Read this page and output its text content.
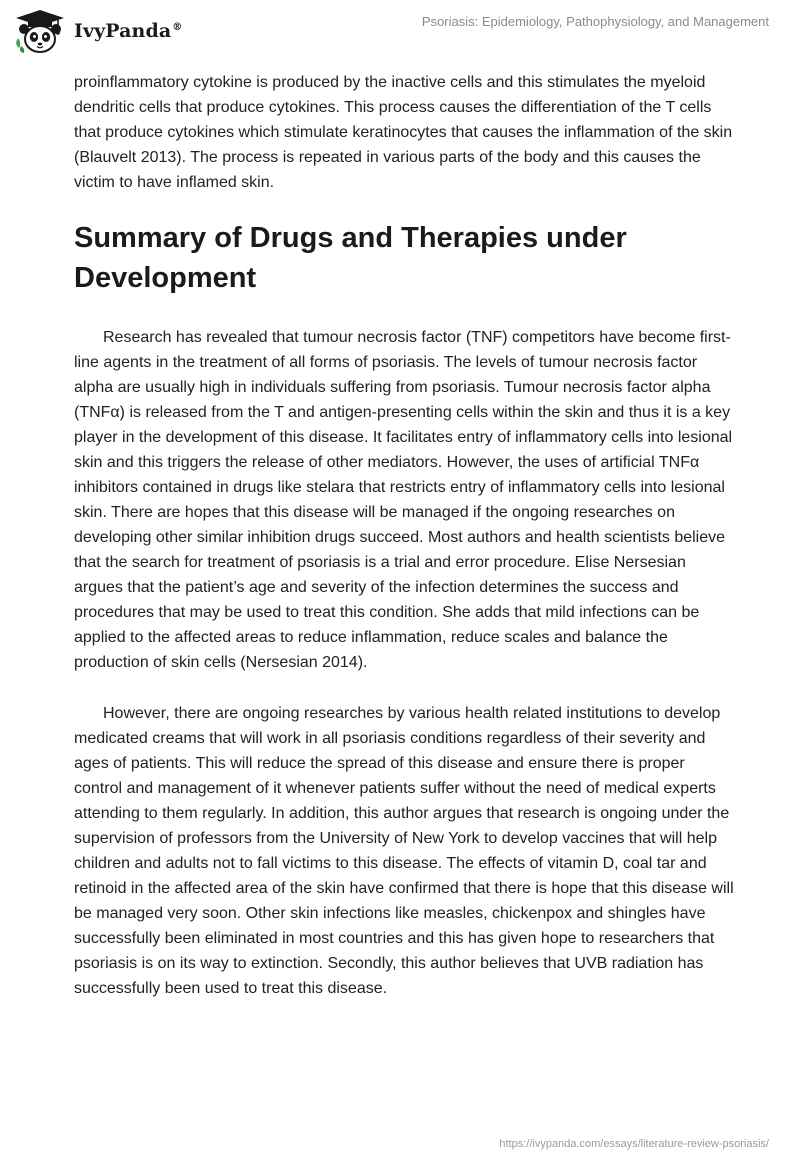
IvyPanda®	Psoriasis: Epidemiology, Pathophysiology, and Management

proinflammatory cytokine is produced by the inactive cells and this stimulates the myeloid dendritic cells that produce cytokines. This process causes the differentiation of the T cells that produce cytokines which stimulate keratinocytes that causes the inflammation of the skin (Blauvelt 2013). The process is repeated in various parts of the body and this causes the victim to have inflamed skin.

Summary of Drugs and Therapies under Development

Research has revealed that tumour necrosis factor (TNF) competitors have become first-line agents in the treatment of all forms of psoriasis. The levels of tumour necrosis factor alpha are usually high in individuals suffering from psoriasis. Tumour necrosis factor alpha (TNFα) is released from the T and antigen-presenting cells within the skin and thus it is a key player in the development of this disease. It facilitates entry of inflammatory cells into lesional skin and this triggers the release of other mediators. However, the uses of artificial TNFα inhibitors contained in drugs like stelara that restricts entry of inflammatory cells into lesional skin. There are hopes that this disease will be managed if the ongoing researches on developing other similar inhibition drugs succeed. Most authors and health scientists believe that the search for treatment of psoriasis is a trial and error procedure. Elise Nersesian argues that the patient’s age and severity of the infection determines the success and procedures that may be used to treat this condition. She adds that mild infections can be applied to the affected areas to reduce inflammation, reduce scales and balance the production of skin cells (Nersesian 2014).

However, there are ongoing researches by various health related institutions to develop medicated creams that will work in all psoriasis conditions regardless of their severity and ages of patients. This will reduce the spread of this disease and ensure there is proper control and management of it whenever patients suffer without the need of medical experts attending to them regularly. In addition, this author argues that research is ongoing under the supervision of professors from the University of New York to develop vaccines that will help children and adults not to fall victims to this disease. The effects of vitamin D, coal tar and retinoid in the affected area of the skin have confirmed that there is hope that this disease will be managed very soon. Other skin infections like measles, chickenpox and shingles have successfully been eliminated in most countries and this has given hope to researchers that psoriasis is on its way to extinction. Secondly, this author believes that UVB radiation has successfully been used to treat this disease.

https://ivypanda.com/essays/literature-review-psoriasis/
